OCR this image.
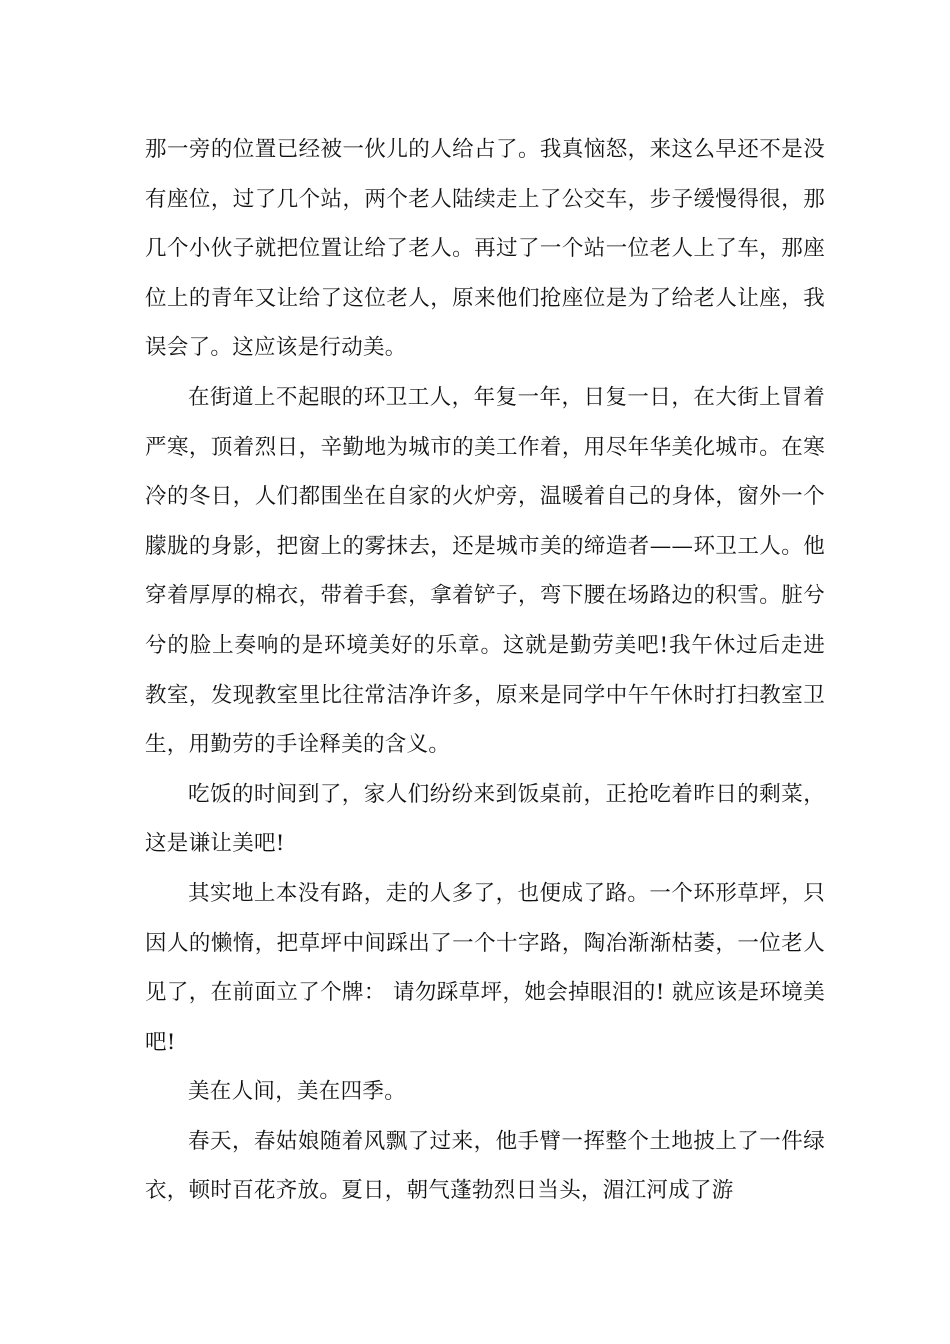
那一旁的位置已经被一伙儿的人给占了。我真恼怒，来这么早还不是没有座位，过了几个站，两个老人陆续走上了公交车，步子缓慢得很，那几个小伙子就把位置让给了老人。再过了一个站一位老人上了车，那座位上的青年又让给了这位老人，原来他们抢座位是为了给老人让座，我误会了。这应该是行动美。

在街道上不起眼的环卫工人，年复一年，日复一日，在大街上冒着严寒，顶着烈日，辛勤地为城市的美工作着，用尽年华美化城市。在寒冷的冬日，人们都围坐在自家的火炉旁，温暖着自己的身体，窗外一个朦胧的身影，把窗上的雾抹去，还是城市美的缔造者——环卫工人。他穿着厚厚的棉衣，带着手套，拿着铲子，弯下腰在场路边的积雪。脏兮兮的脸上奏响的是环境美好的乐章。这就是勤劳美吧!我午休过后走进教室，发现教室里比往常洁净许多，原来是同学中午午休时打扫教室卫生，用勤劳的手诠释美的含义。

吃饭的时间到了，家人们纷纷来到饭桌前，正抢吃着昨日的剩菜，这是谦让美吧!

其实地上本没有路，走的人多了，也便成了路。一个环形草坪，只因人的懒惰，把草坪中间踩出了一个十字路，陶冶渐渐枯萎，一位老人见了，在前面立了个牌： 请勿踩草坪，她会掉眼泪的! 就应该是环境美吧!

美在人间，美在四季。

春天，春姑娘随着风飘了过来，他手臂一挥整个土地披上了一件绿衣，顿时百花齐放。夏日，朝气蓬勃烈日当头，湄江河成了游
